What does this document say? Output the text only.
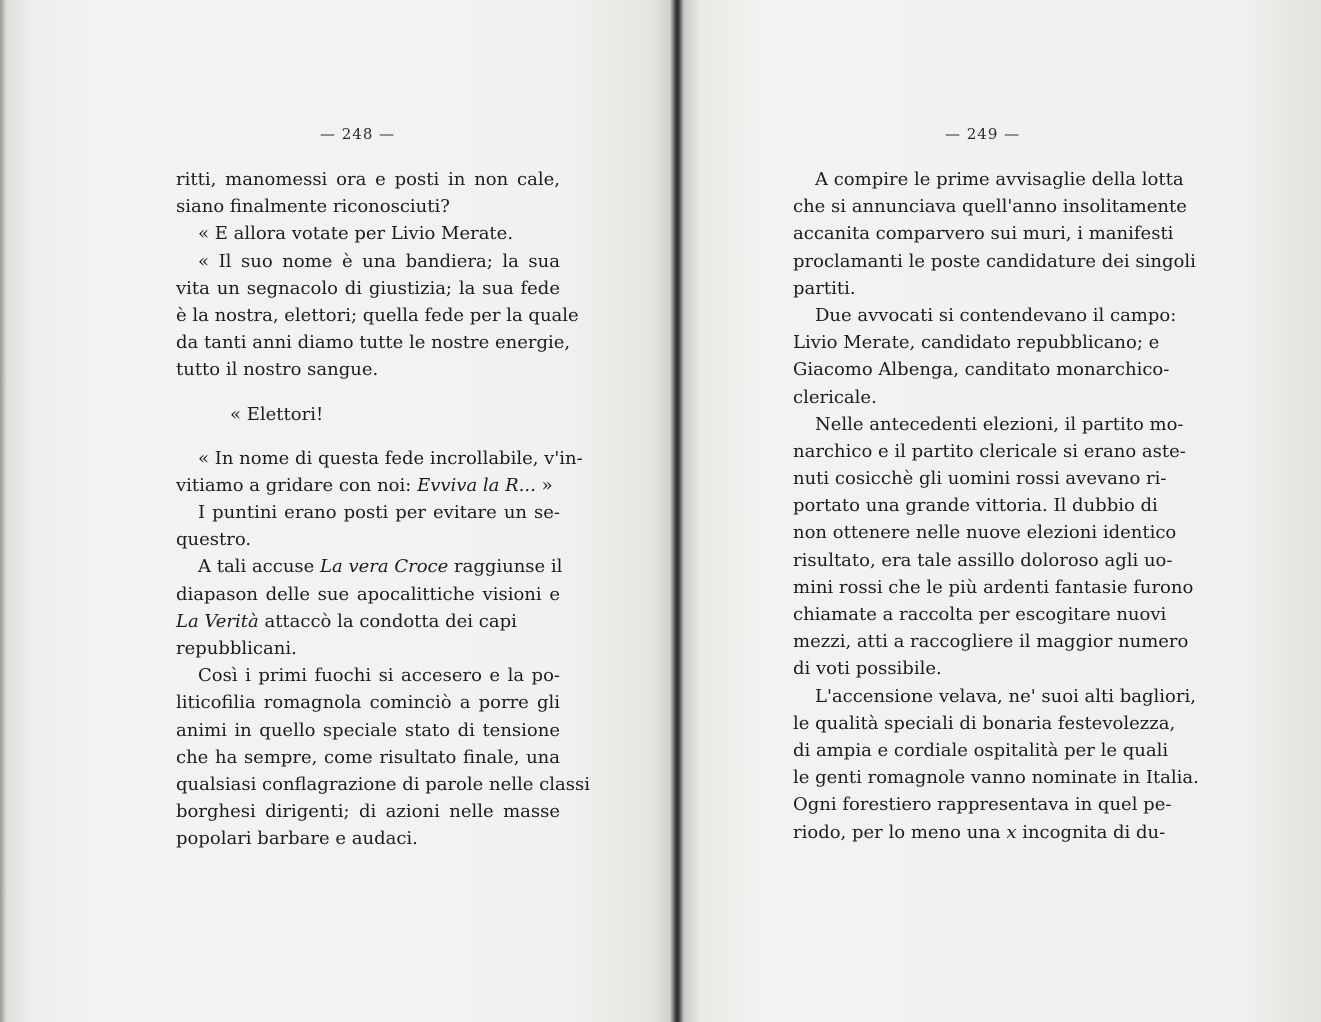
— 248 —
ritti, manomessi ora e posti in non cale,
siano finalmente riconosciuti?
« E allora votate per Livio Merate.
« Il suo nome è una bandiera; la sua
vita un segnacolo di giustizia; la sua fede
è la nostra, elettori; quella fede per la quale
da tanti anni diamo tutte le nostre energie,
tutto il nostro sangue.
« Elettori!
« In nome di questa fede incrollabile, v'in-
vitiamo a gridare con noi: Evviva la R... »
I puntini erano posti per evitare un se-
questro.
A tali accuse La vera Croce raggiunse il
diapason delle sue apocalittiche visioni e
La Verità attaccò la condotta dei capi
repubblicani.
Così i primi fuochi si accesero e la po-
liticofilia romagnola cominciò a porre gli
animi in quello speciale stato di tensione
che ha sempre, come risultato finale, una
qualsiasi conflagrazione di parole nelle classi
borghesi dirigenti; di azioni nelle masse
popolari barbare e audaci.
— 249 —
A compire le prime avvisaglie della lotta
che si annunciava quell'anno insolitamente
accanita comparvero sui muri, i manifesti
proclamanti le poste candidature dei singoli
partiti.
Due avvocati si contendevano il campo:
Livio Merate, candidato repubblicano; e
Giacomo Albenga, canditato monarchico-
clericale.
Nelle antecedenti elezioni, il partito mo-
narchico e il partito clericale si erano aste-
nuti cosicchè gli uomini rossi avevano ri-
portato una grande vittoria. Il dubbio di
non ottenere nelle nuove elezioni identico
risultato, era tale assillo doloroso agli uo-
mini rossi che le più ardenti fantasie furono
chiamate a raccolta per escogitare nuovi
mezzi, atti a raccogliere il maggior numero
di voti possibile.
L'accensione velava, ne' suoi alti bagliori,
le qualità speciali di bonaria festevolezza,
di ampia e cordiale ospitalità per le quali
le genti romagnole vanno nominate in Italia.
Ogni forestiero rappresentava in quel pe-
riodo, per lo meno una x incognita di du-
